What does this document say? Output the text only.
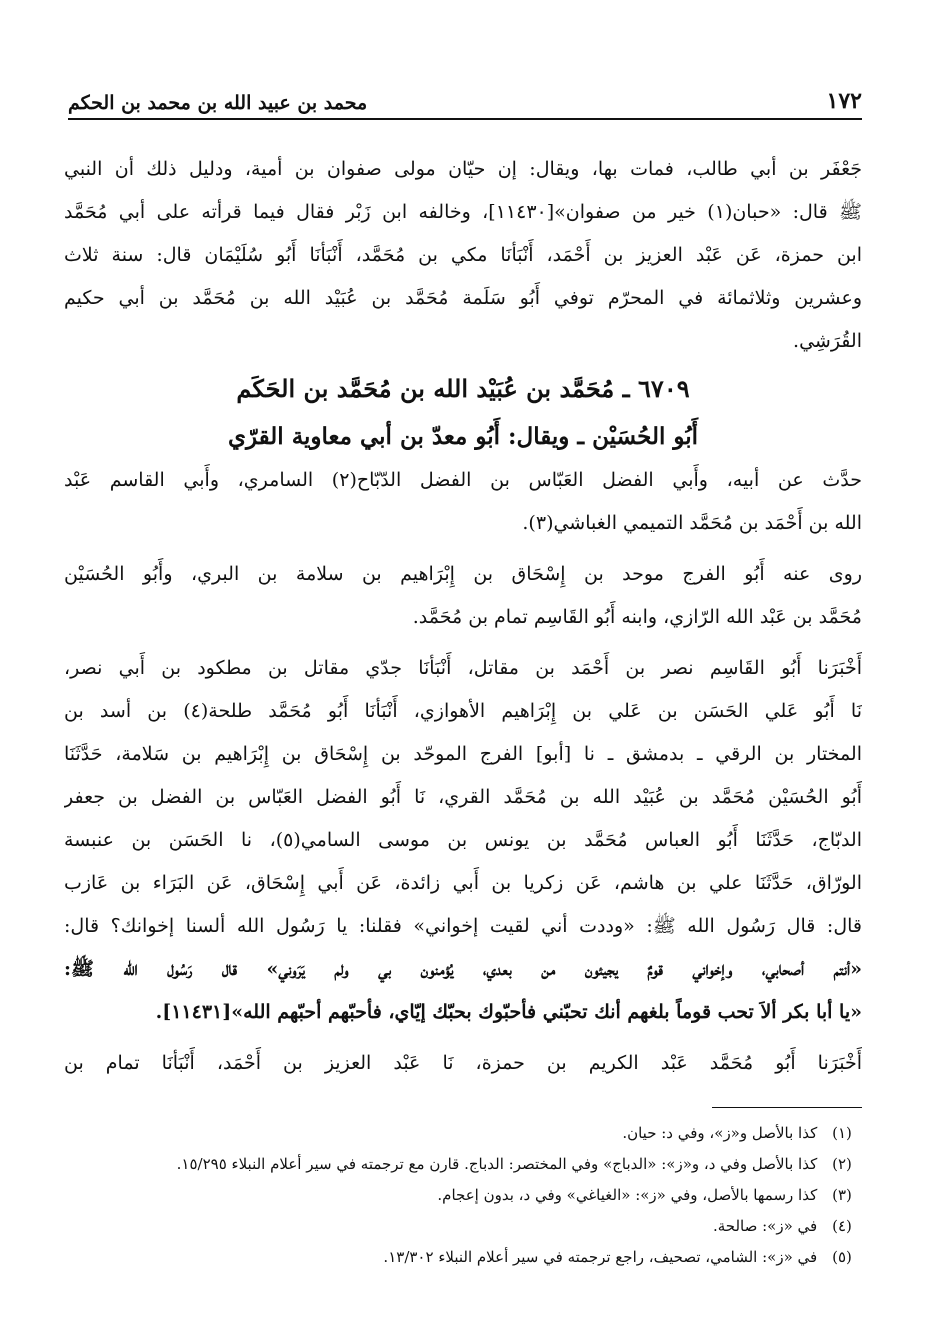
١٧٢
محمد بن عبيد الله بن محمد بن الحكم
جَعْفَر بن أبي طالب، فمات بها، ويقال: إن حيّان مولى صفوان بن أمية، ودليل ذلك أن النبي
ﷺ قال: «حبان(١) خير من صفوان»[١١٤٣٠]، وخالفه ابن زَبْر فقال فيما قرأته على أبي مُحَمَّد
ابن حمزة، عَن عَبْد العزيز بن أَحْمَد، أَنْبَأنَا مكي بن مُحَمَّد، أَنْبَأنَا أَبُو سُلَيْمَان قال: سنة ثلاث
وعشرين وثلاثمائة في المحرّم توفي أَبُو سَلَمة مُحَمَّد بن عُبَيْد الله بن مُحَمَّد بن أبي حكيم
القُرَشِي.
٦٧٠٩ ـ مُحَمَّد بن عُبَيْد الله بن مُحَمَّد بن الحَكَم
أَبُو الحُسَيْن ـ ويقال: أَبُو معدّ بن أبي معاوية القرّي
حدَّث عن أبيه، وأَبي الفضل العَبّاس بن الفضل الدّبّاح(٢) السامري، وأَبي القاسم عَبْد
الله بن أَحْمَد بن مُحَمَّد التميمي الغباشي(٣).
روى عنه أَبُو الفرج موحد بن إِسْحَاق بن إِبْرَاهيم بن سلامة بن البري، وأَبُو الحُسَيْن
مُحَمَّد بن عَبْد الله الرّازي، وابنه أَبُو القَاسِم تمام بن مُحَمَّد.
أَخْبَرَنا أَبُو القَاسِم نصر بن أَحْمَد بن مقاتل، أَنْبَأنَا جدّي مقاتل بن مطكود بن أَبي نصر،
نَا أَبُو عَلي الحَسَن بن عَلي بن إِبْرَاهيم الأهوازي، أَنْبَأنَا أَبُو مُحَمَّد طلحة(٤) بن أسد بن
المختار بن الرقي ـ بدمشق ـ نا [أبو] الفرج الموحّد بن إِسْحَاق بن إِبْرَاهيم بن سَلامة، حَدَّثَنَا
أَبُو الحُسَيْن مُحَمَّد بن عُبَيْد الله بن مُحَمَّد القري، نَا أَبُو الفضل العَبّاس بن الفضل بن جعفر
الدبّاج، حَدَّثَنَا أَبُو العباس مُحَمَّد بن يونس بن موسى السامي(٥)، نا الحَسَن بن عنبسة
الورّاق، حَدَّثَنَا علي بن هاشم، عَن زكريا بن أَبي زائدة، عَن أَبي إِسْحَاق، عَن البَرَاء بن عَازب
قال: قال رَسُول الله ﷺ: «وددت أني لقيت إخواني» فقلنا: يا رَسُول الله ألسنا إخوانك؟ قال:
«أنتم أصحابي، وإخواني قومٌ يجيئون من بعدي، يُؤمنون بي ولم يَرَوني» قال رَسُول الله ﷺ:
«يا أبا بكر ألاَ تحب قوماً بلغهم أنك تحبّني فأحبّوك بحبّك إيّاي، فأحبّهم أحبّهم الله»[١١٤٣١].
أَخْبَرَنا أَبُو مُحَمَّد عَبْد الكريم بن حمزة، نَا عَبْد العزيز بن أَحْمَد، أَنْبَأنَا تمام بن
(١) كذا بالأصل و«ز»، وفي د: حيان.
(٢) كذا بالأصل وفي د، و«ز»: «الدباج» وفي المختصر: الدباج. قارن مع ترجمته في سير أعلام النبلاء ١٥/٢٩٥.
(٣) كذا رسمها بالأصل، وفي «ز»: «الغياغي» وفي د، بدون إعجام.
(٤) في «ز»: صالحة.
(٥) في «ز»: الشامي، تصحيف، راجع ترجمته في سير أعلام النبلاء ١٣/٣٠٢.
